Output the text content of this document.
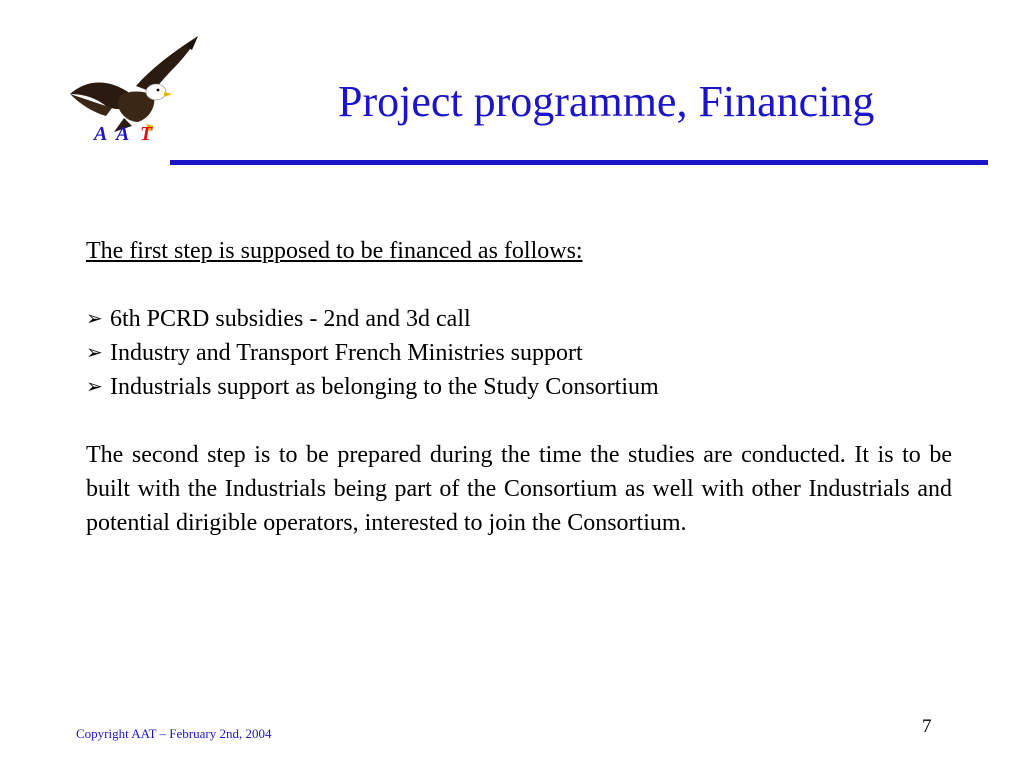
A A T
Project programme, Financing

The first step is supposed to be financed as follows:

➢ 6th PCRD subsidies - 2nd and 3d call
➢ Industry and Transport French Ministries support
➢ Industrials support as belonging to the Study Consortium

The second step is to be prepared during the time the studies are conducted. It is to be built with the Industrials being part of the Consortium as well with other Industrials and potential dirigible operators, interested to join the Consortium.

Copyright AAT – February 2nd, 2004	7
